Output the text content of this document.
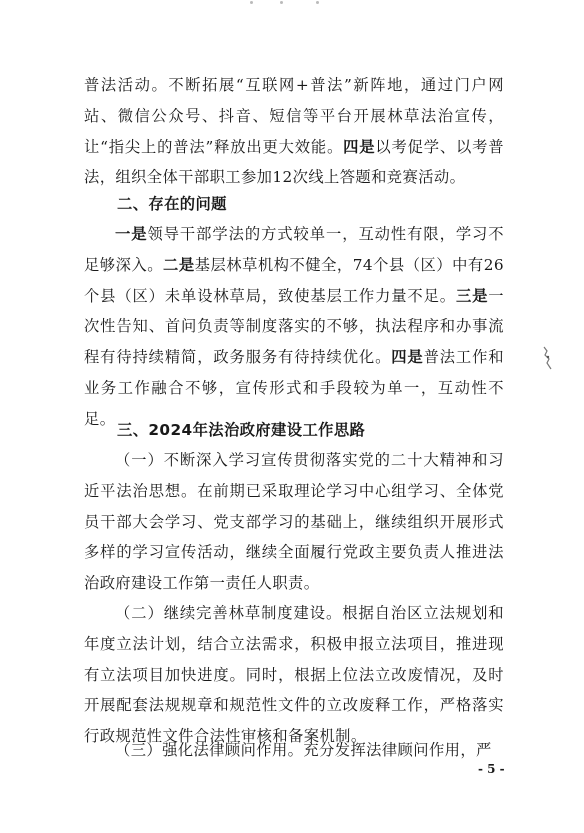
普法活动。不断拓展“互联网+普法”新阵地，通过门户网站、微信公众号、抖音、短信等平台开展林草法治宣传，让“指尖上的普法”释放出更大效能。四是以考促学、以考普法，组织全体干部职工参加12次线上答题和竞赛活动。

二、存在的问题

一是领导干部学法的方式较单一，互动性有限，学习不足够深入。二是基层林草机构不健全，74个县（区）中有26个县（区）未单设林草局，致使基层工作力量不足。三是一次性告知、首问负责等制度落实的不够，执法程序和办事流程有待持续精简，政务服务有待持续优化。四是普法工作和业务工作融合不够，宣传形式和手段较为单一，互动性不足。

三、2024年法治政府建设工作思路

（一）不断深入学习宣传贯彻落实党的二十大精神和习近平法治思想。在前期已采取理论学习中心组学习、全体党员干部大会学习、党支部学习的基础上，继续组织开展形式多样的学习宣传活动，继续全面履行党政主要负责人推进法治政府建设工作第一责任人职责。

（二）继续完善林草制度建设。根据自治区立法规划和年度立法计划，结合立法需求，积极申报立法项目，推进现有立法项目加快进度。同时，根据上位法立改废情况，及时开展配套法规规章和规范性文件的立改废释工作，严格落实行政规范性文件合法性审核和备案机制。

（三）强化法律顾问作用。充分发挥法律顾问作用，严

- 5 -
